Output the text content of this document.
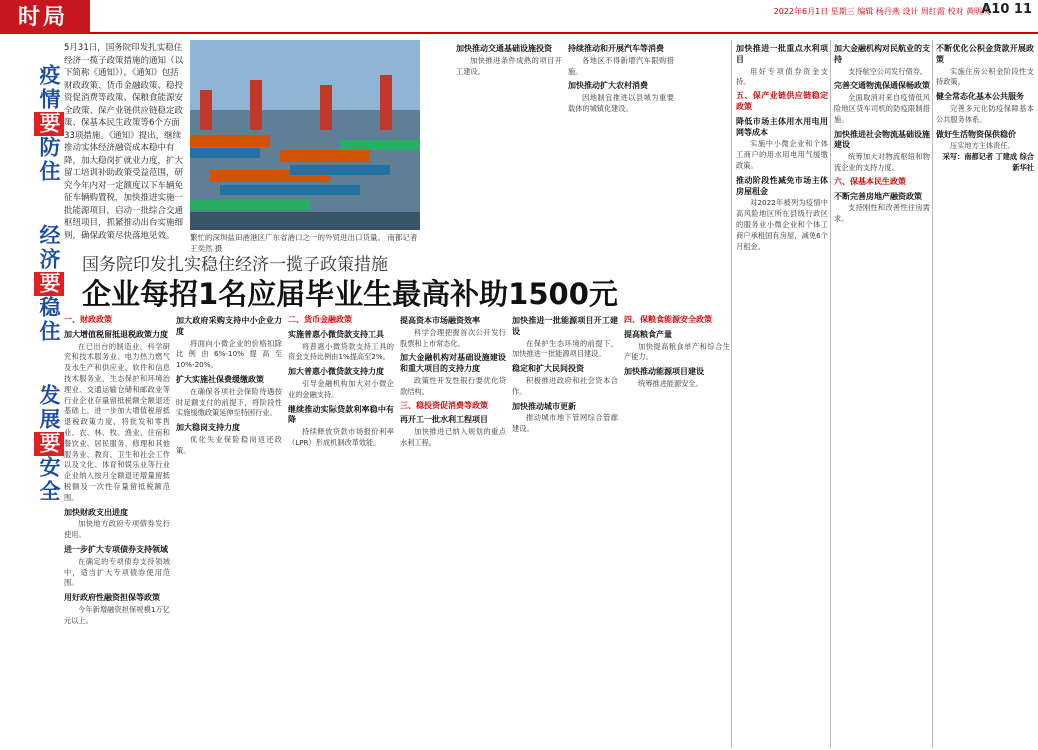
时局	2022年6月1日 星期三 编辑 杨丹燕 设计 周红霞 校对 黄明庆
A10 11
疫情要防住
经济要稳住
发展要安全
5月31日，国务院印发扎实稳住经济一揽子政策措施的通知（以下简称《通知》）。《通知》包括财政政策、货币金融政策、稳投资促消费等政策、保粮食能源安全政策、保产业链供应链稳定政策、保基本民生政策等6个方面33项措施。《通知》提出，继续推动实体经济融资成本稳中有降，加大稳岗扩就业力度，扩大留工培训补助政策受益范围，研究今年内对一定额度以下车辆免征车辆购置税，加快推进实施一批能源项目，启动一批综合交通枢纽项目，抓紧推动出台实施细则，确保政策尽快落地见效。	繁忙的深圳盐田港港区广东省港口之一的外贸进出口货量。 南都记者 王奕然 摄
国务院印发扎实稳住经济一揽子政策措施
企业每招1名应届毕业生最高补助1500元
一、财政政策
加大增值税留抵退税政策力度

在已出台的制造业、科学研究和技术服务业、电力热力燃气及水生产和供应业、软件和信息技术服务业、生态保护和环境治理业、交通运输仓储和邮政业等行业企业存量留抵税额全额退还基础上，进一步加大增值税留抵退税政策力度，将批发和零售业、农、林、牧、渔业、住宿和餐饮业、居民服务、修理和其他服务业、教育、卫生和社会工作以及文化、体育和娱乐业等行业企业纳入按月全额退还增量留抵税额及一次性存量留抵税额范围。

加快财政支出进度

加快地方政府专项债券发行使用。

进一步扩大专项债券支持领域

在确定的专项债券支持领域中，适当扩大专项债券使用范围。

用好政府性融资担保等政策

今年新增融资担保规模1万亿元以上。

加大政府采购支持中小企业力度

将面向小微企业的价格扣除比例由6%-10%提高至10%-20%。

扩大实施社保费缓缴政策

在确保各项社会保险待遇按时足额支付的前提下，将阶段性实施缓缴政策延伸至特困行业。

加大稳岗支持力度

优化失业保险稳岗返还政策。

二、货币金融政策
实施普惠小微贷款支持工具

将普惠小微贷款支持工具的资金支持比例由1%提高至2%。

加大普惠小微贷款支持力度

引导金融机构加大对小微企业的金融支持。

继续推动实际贷款利率稳中有降

持续释放贷款市场报价利率（LPR）形成机制改革效能。

提高资本市场融资效率

科学合理把握首次公开发行股票和上市常态化。

加大金融机构对基础设施建设和重大项目的支持力度

政策性开发性银行要优化贷款结构。

三、稳投资促消费等政策
再开工一批水利工程项目

加快推进已纳入规划的重点水利工程。

加快推动交通基础设施投资

加快推进条件成熟的项目开工建设。

加快推进一批能源项目开工建设

在保护生态环境的前提下，加快推进一批能源项目建设。

稳定和扩大民间投资

积极推进政府和社会资本合作。

加快推动城市更新

推动城市地下管网综合管廊建设。

持续推动和开展汽车等消费

各地区不得新增汽车限购措施。

加快推动扩大农村消费

因地制宜推进以县城为重要载体的城镇化建设。

四、保粮食能源安全政策
提高粮食产量

加快提高粮食单产和综合生产能力。

加快推动能源项目建设

统筹推进能源安全。

加快推进一批重点水利项目

用好专项债券资金支持。

五、保产业链供应链稳定政策
降低市场主体用水用电用网等成本

实施中小微企业和个体工商户的用水用电用气缓缴政策。

推动阶段性减免市场主体房屋租金

对2022年被列为疫情中高风险地区所在县级行政区的服务业小微企业和个体工商户承租国有房屋，减免6个月租金。

加大金融机构对民航业的支持

支持航空公司发行债券。

完善交通物流保通保畅政策

全面取消对来自疫情低风险地区货车司机的防疫限制措施。

加快推进社会物流基础设施建设

统筹加大对物流枢纽和物流企业的支持力度。

六、保基本民生政策
不断完善房地产融资政策

支持刚性和改善性住房需求。

不断优化公积金贷款开展政策

实施住房公积金阶段性支持政策。

健全常态化基本公共服务

完善多元化防疫保障基本公共服务体系。

做好生活物资保供稳价

压实地方主体责任。

采写：南都记者 丁建成 综合新华社
